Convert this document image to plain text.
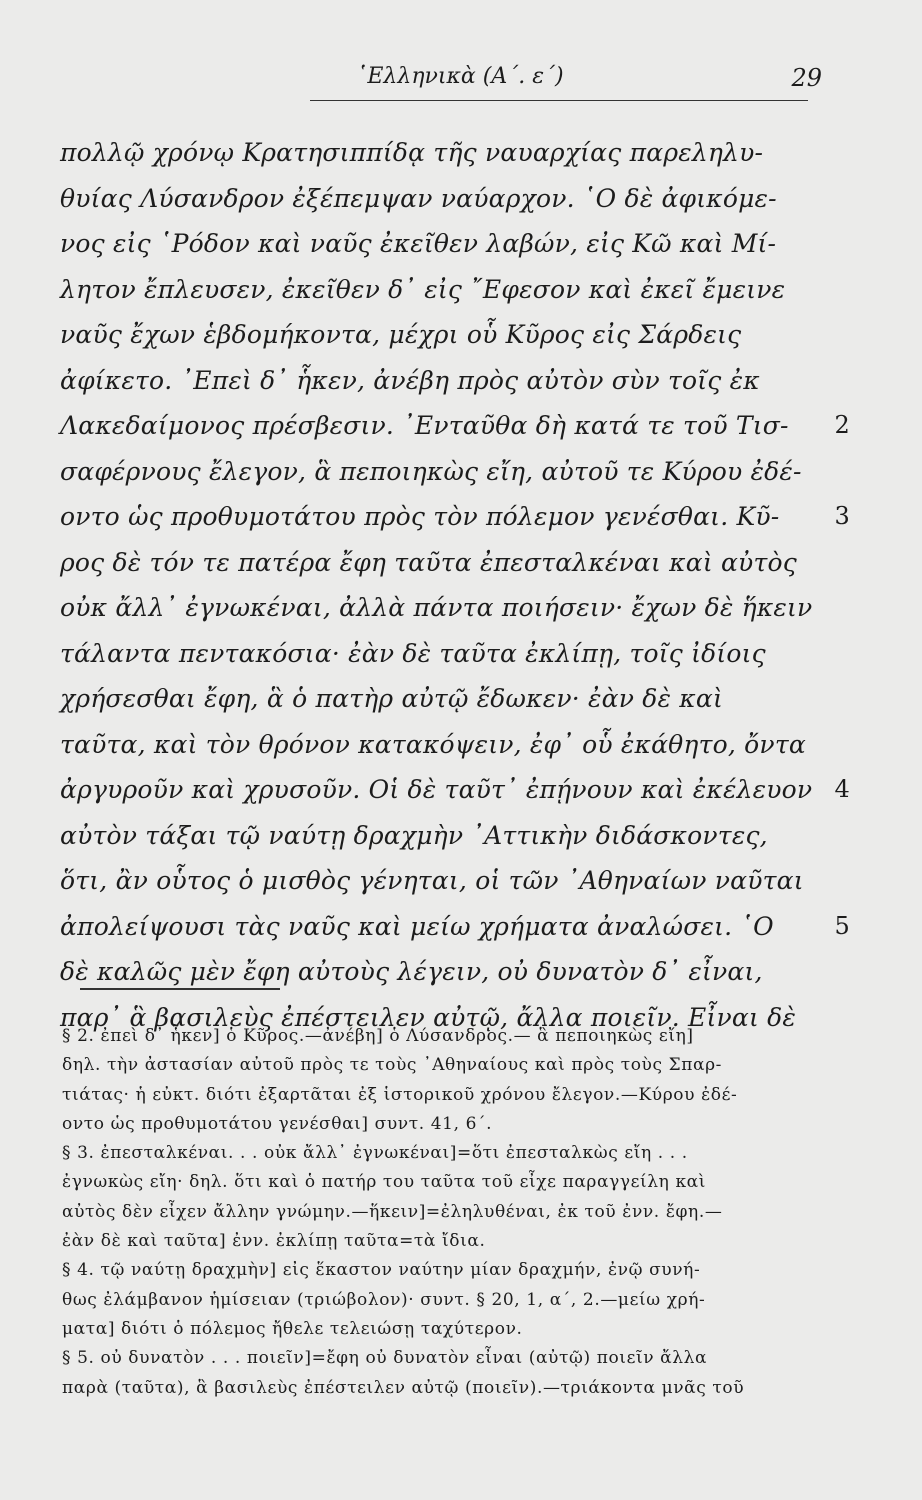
῾Ελληνικὰ (Α΄. ε΄)	29
πολλῷ χρόνῳ Κρατησιππίδᾳ τῆς ναυαρχίας παρεληλυ-
θυίας Λύσανδρον ἐξέπεμψαν ναύαρχον. ῾Ο δὲ ἀφικόμε-
νος εἰς ῾Ρόδον καὶ ναῦς ἐκεῖθεν λαβών, εἰς Κῶ καὶ Μί-
λητον ἔπλευσεν, ἐκεῖθεν δ᾿ εἰς ῎Εφεσον καὶ ἐκεῖ ἔμεινε
ναῦς ἔχων ἑβδομήκοντα, μέχρι οὗ Κῦρος εἰς Σάρδεις
ἀφίκετο. ᾿Επεὶ δ᾿ ἧκεν, ἀνέβη πρὸς αὐτὸν σὺν τοῖς ἐκ
Λακεδαίμονος πρέσβεσιν. ᾿Ενταῦθα δὴ κατά τε τοῦ Τισ- 2
σαφέρνους ἔλεγον, ἃ πεποιηκὼς εἴη, αὐτοῦ τε Κύρου ἐδέ-
οντο ὡς προθυμοτάτου πρὸς τὸν πόλεμον γενέσθαι. Κῦ- 3
ρος δὲ τόν τε πατέρα ἔφη ταῦτα ἐπεσταλκέναι καὶ αὐτὸς
οὐκ ἄλλ᾿ ἐγνωκέναι, ἀλλὰ πάντα ποιήσειν· ἔχων δὲ ἥκειν
τάλαντα πεντακόσια· ἐὰν δὲ ταῦτα ἐκλίπῃ, τοῖς ἰδίοις
χρήσεσθαι ἔφη, ἃ ὁ πατὴρ αὐτῷ ἔδωκεν· ἐὰν δὲ καὶ
ταῦτα, καὶ τὸν θρόνον κατακόψειν, ἐφ᾿ οὗ ἐκάθητο, ὄντα
ἀργυροῦν καὶ χρυσοῦν. Οἱ δὲ ταῦτ᾿ ἐπῄνουν καὶ ἐκέλευον 4
αὐτὸν τάξαι τῷ ναύτῃ δραχμὴν ᾿Αττικὴν διδάσκοντες,
ὅτι, ἂν οὗτος ὁ μισθὸς γένηται, οἱ τῶν ᾿Αθηναίων ναῦται
ἀπολείψουσι τὰς ναῦς καὶ μείω χρήματα ἀναλώσει. ῾Ο	5
δὲ καλῶς μὲν ἔφη αὐτοὺς λέγειν, οὐ δυνατὸν δ᾿ εἶναι,
παρ᾿ ἃ βασιλεὺς ἐπέστειλεν αὐτῷ, ἄλλα ποιεῖν. Εἶναι δὲ
§ 2. ἐπεὶ δ᾿ ἧκεν] ὁ Κῦρος.—ἀνέβη] ὁ Λύσανδρος.— ἃ πεποιηκὼς εἴη]
δηλ. τὴν ἀστασίαν αὐτοῦ πρὸς τε τοὺς ᾿Αθηναίους καὶ πρὸς τοὺς Σπαρ-
τιάτας· ἡ εὐκτ. διότι ἐξαρτᾶται ἐξ ἱστορικοῦ χρόνου ἔλεγον.—Κύρου ἐδέ-
οντο ὡς προθυμοτάτου γενέσθαι] συντ. 41, 6΄.
§ 3. ἐπεσταλκέναι. . . οὐκ ἄλλ᾿ ἐγνωκέναι]=ὅτι ἐπεσταλκὼς εἴη . . .
ἐγνωκὼς εἴη· δηλ. ὅτι καὶ ὁ πατήρ του ταῦτα τοῦ εἶχε παραγγείλη καὶ
αὐτὸς δὲν εἶχεν ἄλλην γνώμην.—ἥκειν]=ἐληλυθέναι, ἐκ τοῦ ἐνν. ἔφη.—
ἐὰν δὲ καὶ ταῦτα] ἐνν. ἐκλίπῃ ταῦτα=τὰ ἴδια.
§ 4. τῷ ναύτῃ δραχμὴν] εἰς ἕκαστον ναύτην μίαν δραχμήν, ἐνῷ συνή-
θως ἐλάμβανον ἡμίσειαν (τριώβολον)· συντ. § 20, 1, α΄, 2.—μείω χρή-
ματα] διότι ὁ πόλεμος ἤθελε τελειώσῃ ταχύτερον.
§ 5. οὐ δυνατὸν . . . ποιεῖν]=ἔφη οὐ δυνατὸν εἶναι (αὐτῷ) ποιεῖν ἄλλα
παρὰ (ταῦτα), ἃ βασιλεὺς ἐπέστειλεν αὐτῷ (ποιεῖν).—τριάκοντα μνᾶς τοῦ
